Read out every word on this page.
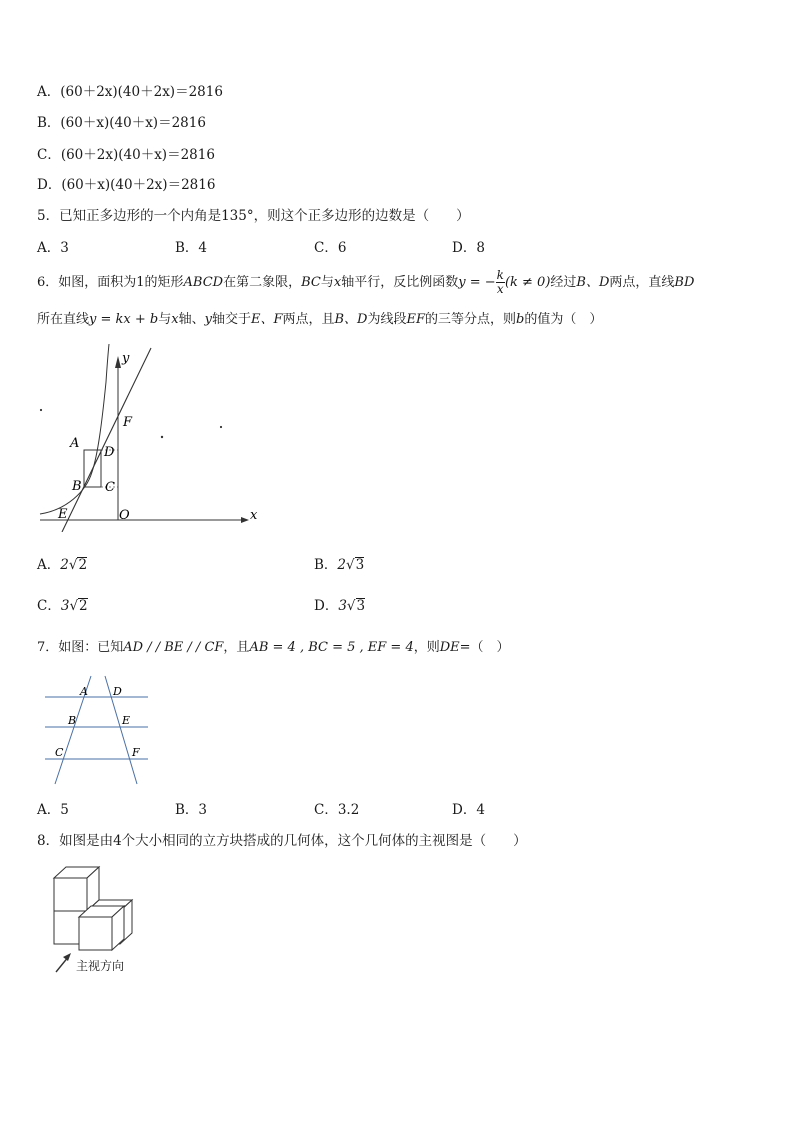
A．(60＋2x)(40＋2x)＝2816
B．(60＋x)(40＋x)＝2816
C．(60＋2x)(40＋x)＝2816
D．(60＋x)(40＋2x)＝2816
5．已知正多边形的一个内角是135°，则这个正多边形的边数是（　　）
A．3	B．4	C．6	D．8
6．如图，面积为1的矩形ABCD在第二象限，BC与x轴平行，反比例函数y = − $\frac{k}{x} (k \ne 0)$经过B、D两点，直线BD
所在直线y = kx + b与x轴、y轴交于E、F两点，且B、D为线段EF的三等分点，则b的值为（　）
y
F
A
D
B C
E	O	x
A．2√2	B．2√3
C．3√2	D．3√3
7．如图：已知AD / / BE / / CF，且AB = 4 , BC = 5 , EF = 4，则DE=（　）
A D
B	E
C	F
A．5	B．3	C．3.2	D．4
8．如图是由4个大小相同的立方块搭成的几何体，这个几何体的主视图是（　　）
主视方向
